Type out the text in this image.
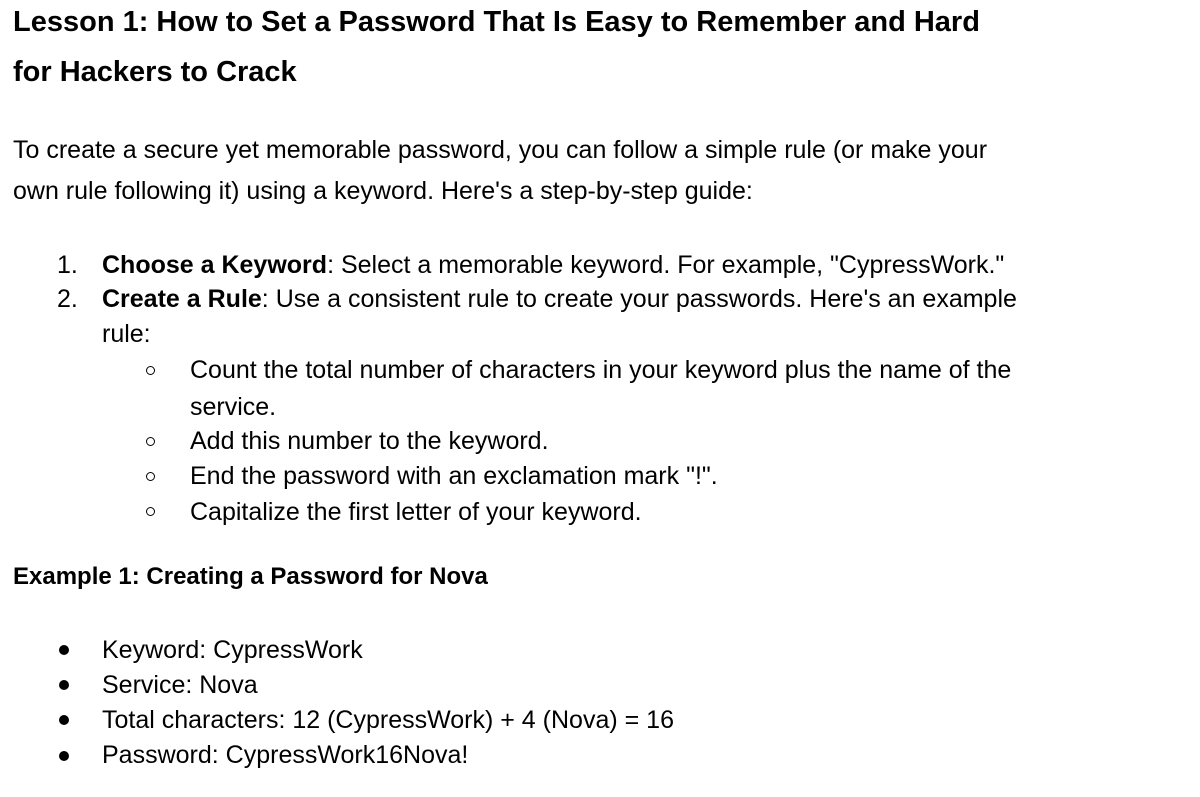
Lesson 1: How to Set a Password That Is Easy to Remember and Hard
for Hackers to Crack
To create a secure yet memorable password, you can follow a simple rule (or make your
own rule following it) using a keyword. Here's a step-by-step guide:
1. Choose a Keyword: Select a memorable keyword. For example, "CypressWork."
2. Create a Rule: Use a consistent rule to create your passwords. Here's an example
rule:
Count the total number of characters in your keyword plus the name of the
service.
Add this number to the keyword.
End the password with an exclamation mark "!".
Capitalize the first letter of your keyword.
Example 1: Creating a Password for Nova
Keyword: CypressWork
Service: Nova
Total characters: 12 (CypressWork) + 4 (Nova) = 16
Password: CypressWork16Nova!
